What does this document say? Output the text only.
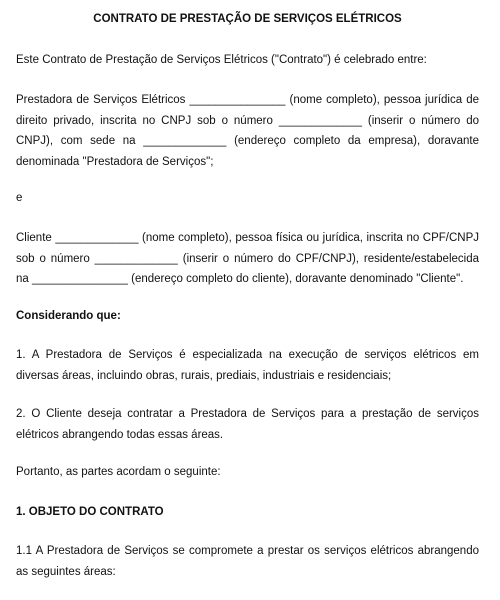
CONTRATO DE PRESTAÇÃO DE SERVIÇOS ELÉTRICOS

Este Contrato de Prestação de Serviços Elétricos ("Contrato") é celebrado entre:

Prestadora de Serviços Elétricos _______________ (nome completo), pessoa jurídica de direito privado, inscrita no CNPJ sob o número _____________ (inserir o número do CNPJ), com sede na _____________ (endereço completo da empresa), doravante denominada "Prestadora de Serviços";

e

Cliente _____________ (nome completo), pessoa física ou jurídica, inscrita no CPF/CNPJ sob o número _____________ (inserir o número do CPF/CNPJ), residente/estabelecida na _______________ (endereço completo do cliente), doravante denominado "Cliente".

Considerando que:

1. A Prestadora de Serviços é especializada na execução de serviços elétricos em diversas áreas, incluindo obras, rurais, prediais, industriais e residenciais;

2. O Cliente deseja contratar a Prestadora de Serviços para a prestação de serviços elétricos abrangendo todas essas áreas.

Portanto, as partes acordam o seguinte:

1. OBJETO DO CONTRATO

1.1 A Prestadora de Serviços se compromete a prestar os serviços elétricos abrangendo as seguintes áreas:
